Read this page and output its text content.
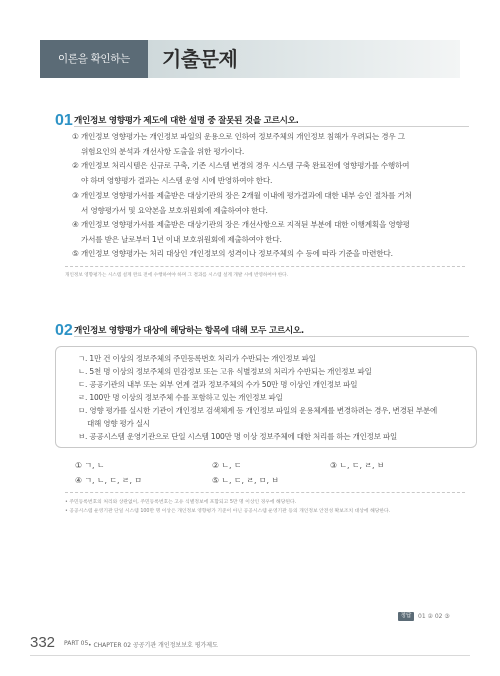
이론을 확인하는	기출문제
01 개인정보 영향평가 제도에 대한 설명 중 잘못된 것을 고르시오.
① 개인정보 영향평가는 개인정보 파일의 운용으로 인하여 정보주체의 개인정보 침해가 우려되는 경우 그
위험요인의 분석과 개선사항 도출을 위한 평가이다.
② 개인정보 처리시템은 신규로 구축, 기존 시스템 변경의 경우 시스템 구축 완료전에 영향평가를 수행하여
야 하며 영향평가 결과는 시스템 운영 시에 반영하여야 한다.
③ 개인정보 영향평가서를 제출받은 대상기관의 장은 2개월 이내에 평가결과에 대한 내부 승인 절차를 거쳐
서 영향평가서 및 요약본을 보호위원회에 제출하여야 한다.
④ 개인정보 영향평가서를 제출받은 대상기관의 장은 개선사항으로 지적된 부분에 대한 이행계획을 영향평
가서를 받은 날로부터 1년 이내 보호위원회에 제출하여야 한다.
⑤ 개인정보 영향평가는 처리 대상인 개인정보의 성격이나 정보주체의 수 등에 따라 기준을 마련한다.
개인정보 영향평가는 시스템 설계 완료 전에 수행하여야 하며 그 결과를 시스템 설계 개발 시에 반영하여야 한다.
02 개인정보 영향평가 대상에 해당하는 항목에 대해 모두 고르시오.
ㄱ. 1만 건 이상의 정보주체의 주민등록번호 처리가 수반되는 개인정보 파일
ㄴ. 5천 명 이상의 정보주체의 민감정보 또는 고유 식별정보의 처리가 수반되는 개인정보 파일
ㄷ. 공공기관의 내부 또는 외부 연계 결과 정보주체의 수가 50만 명 이상인 개인정보 파일
ㄹ. 100만 명 이상의 정보주체 수를 포함하고 있는 개인정보 파일
ㅁ. 영향 평가를 실시한 기관이 개인정보 검색체계 등 개인정보 파일의 운용체계를 변경하려는 경우, 변경된 부분에
대해 영향 평가 실시
ㅂ. 공공시스템 운영기관으로 단일 시스템 100만 명 이상 정보주체에 대한 처리를 하는 개인정보 파일
① ㄱ, ㄴ	② ㄴ, ㄷ	③ ㄴ, ㄷ, ㄹ, ㅂ
④ ㄱ, ㄴ, ㄷ, ㄹ, ㅁ	⑤ ㄴ, ㄷ, ㄹ, ㅁ, ㅂ
• 주민등록번호의 처리와 상관없이, 주민등록번호는 고유 식별정보에 포함되고 5만 명 이상인 경우에 해당된다.
• 공공시스템 운영기관 단일 시스템 100만 명 이상은 개인정보 영향평가 기준이 아닌 공공시스템 운영기관 등의 개인정보 안전성 확보조치 대상에 해당한다.
정답	01 ② 02 ③
332 PART 05 • CHAPTER 02 공공기관 개인정보보호 평가제도
